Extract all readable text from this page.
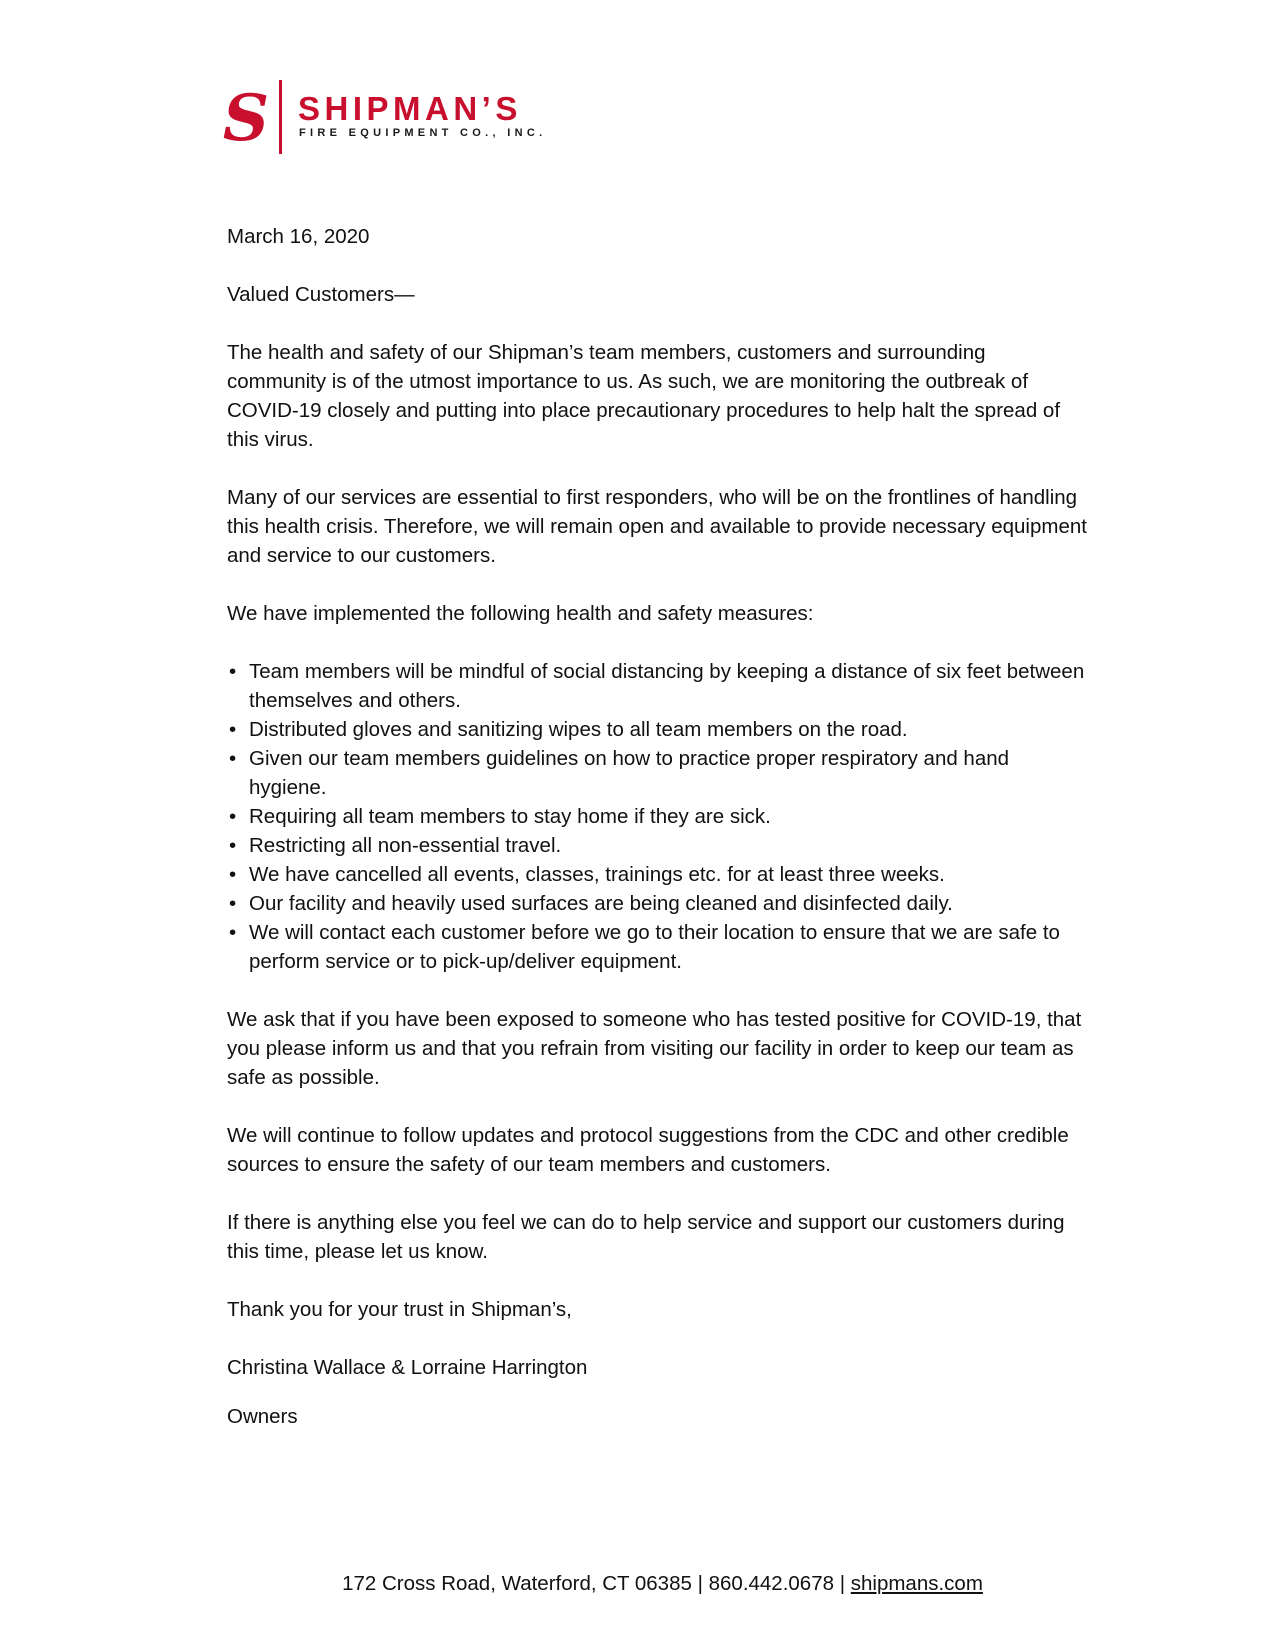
S SHIPMAN’S
FIRE EQUIPMENT CO., INC.

March 16, 2020

Valued Customers—

The health and safety of our Shipman’s team members, customers and surrounding community is of the utmost importance to us. As such, we are monitoring the outbreak of COVID-19 closely and putting into place precautionary procedures to help halt the spread of this virus.

Many of our services are essential to first responders, who will be on the frontlines of handling this health crisis. Therefore, we will remain open and available to provide necessary equipment and service to our customers.

We have implemented the following health and safety measures:

• Team members will be mindful of social distancing by keeping a distance of six feet between themselves and others.
• Distributed gloves and sanitizing wipes to all team members on the road.
• Given our team members guidelines on how to practice proper respiratory and hand hygiene.
• Requiring all team members to stay home if they are sick.
• Restricting all non-essential travel.
• We have cancelled all events, classes, trainings etc. for at least three weeks.
• Our facility and heavily used surfaces are being cleaned and disinfected daily.
• We will contact each customer before we go to their location to ensure that we are safe to perform service or to pick-up/deliver equipment.

We ask that if you have been exposed to someone who has tested positive for COVID-19, that you please inform us and that you refrain from visiting our facility in order to keep our team as safe as possible.

We will continue to follow updates and protocol suggestions from the CDC and other credible sources to ensure the safety of our team members and customers.

If there is anything else you feel we can do to help service and support our customers during this time, please let us know.

Thank you for your trust in Shipman’s,

Christina Wallace & Lorraine Harrington

Owners

172 Cross Road, Waterford, CT 06385 | 860.442.0678 | shipmans.com
